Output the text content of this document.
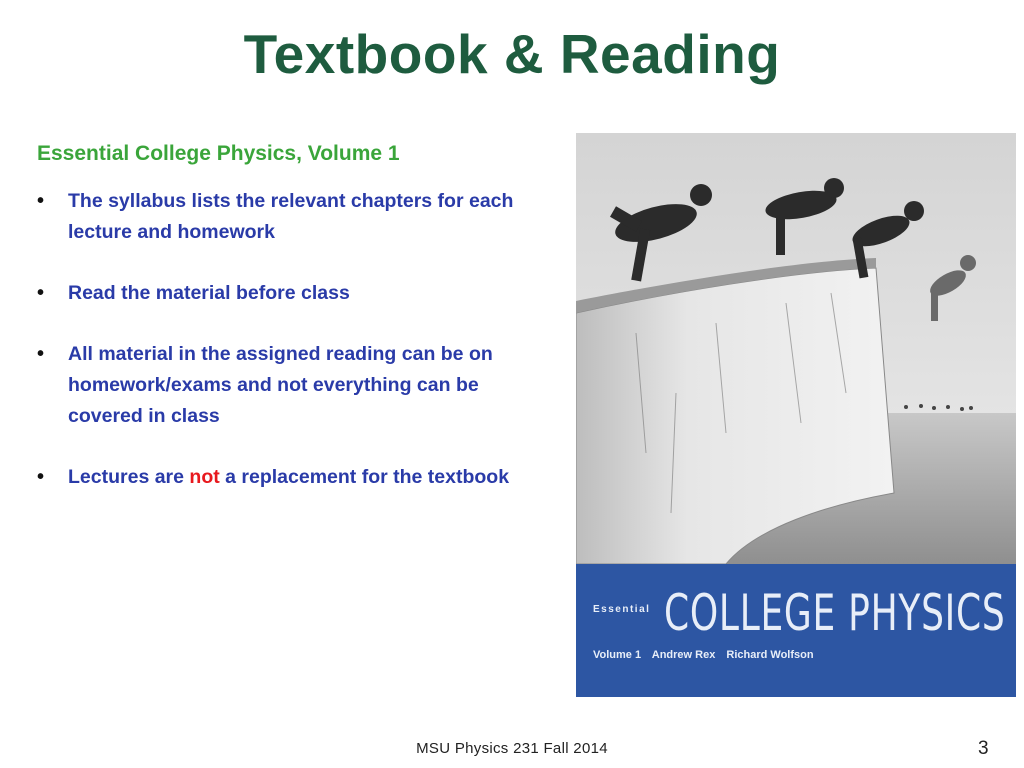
Textbook & Reading
Essential College Physics, Volume 1
• The syllabus lists the relevant chapters for each lecture and homework
• Read the material before class
• All material in the assigned reading can be on homework/exams and not everything can be covered in class
• Lectures are not a replacement for the textbook
Essential COLLEGE PHYSICS
Volume 1 Andrew Rex Richard Wolfson
MSU Physics 231 Fall 2014	3
